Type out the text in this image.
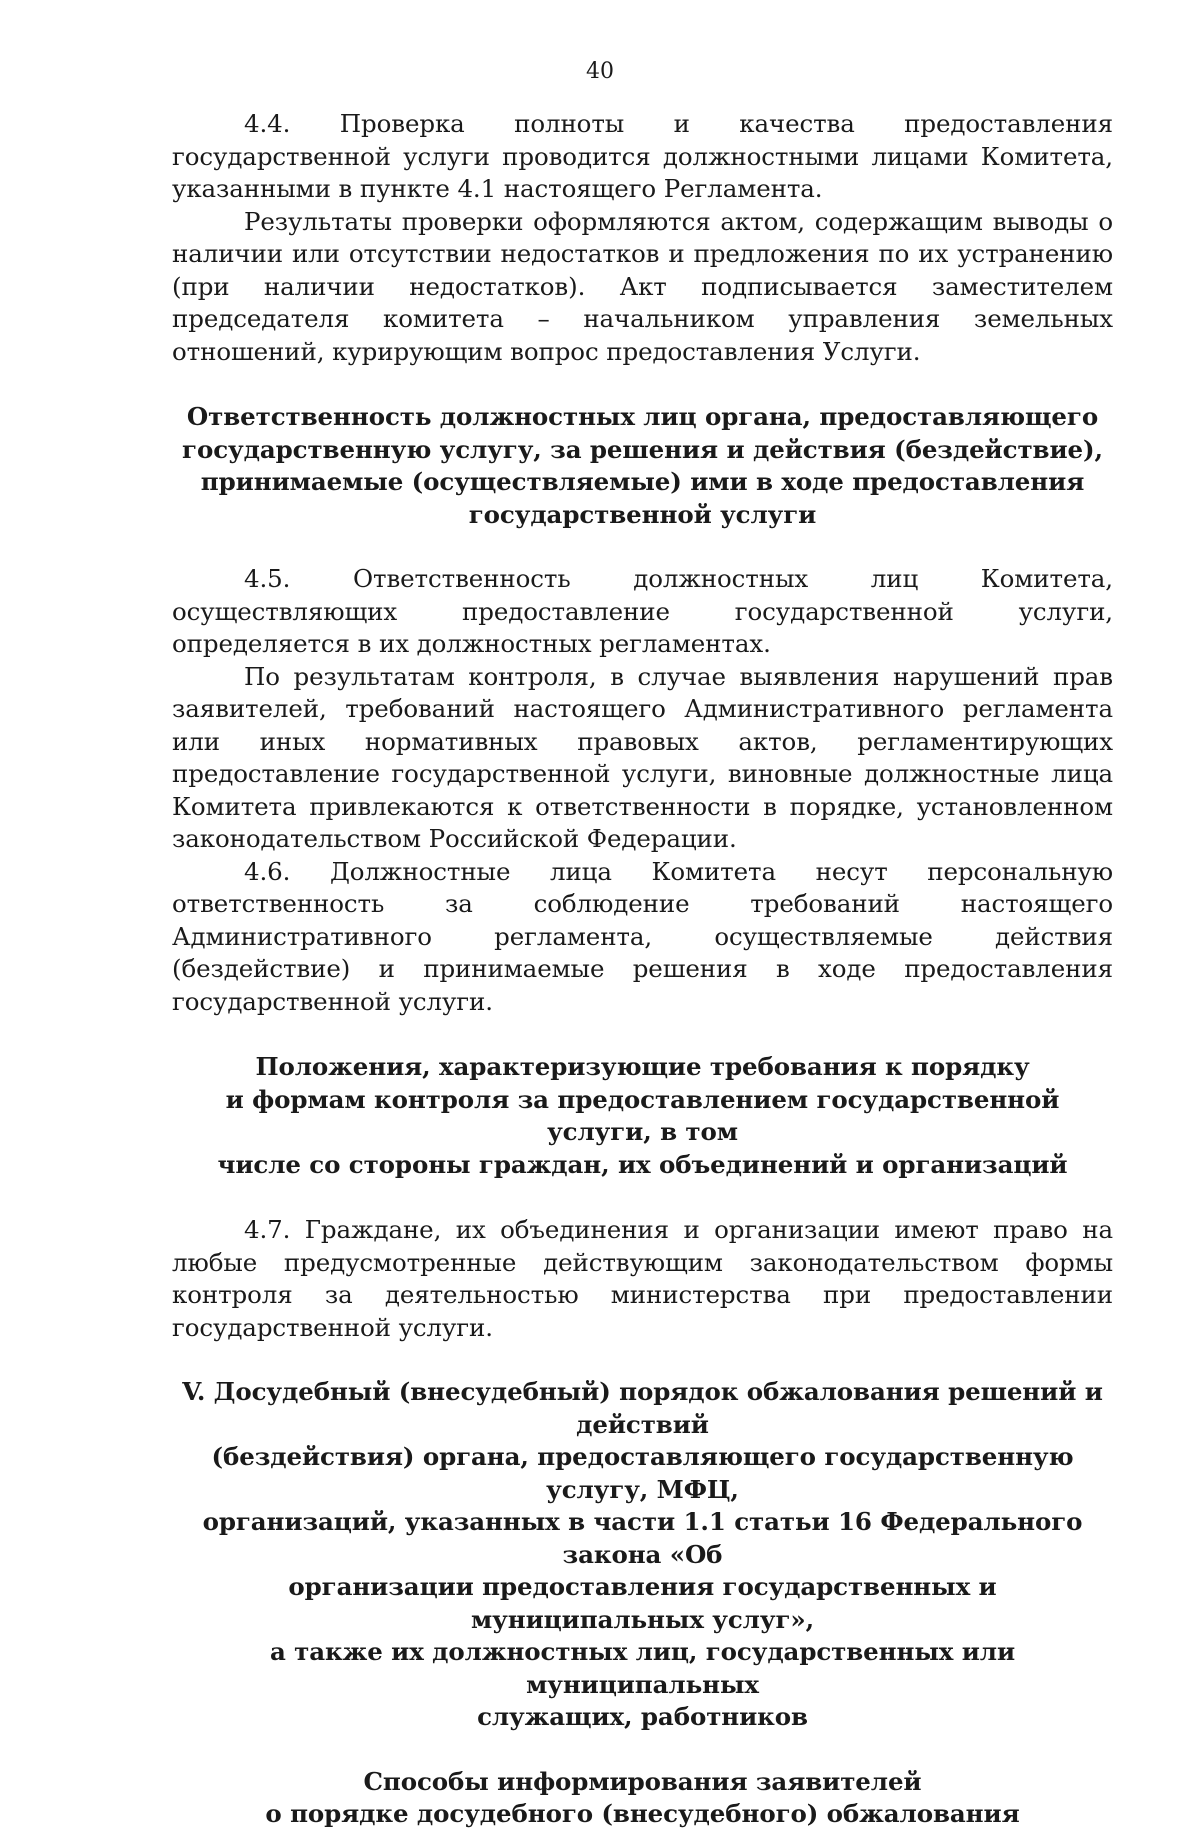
40

4.4. Проверка полноты и качества предоставления государственной услуги проводится должностными лицами Комитета, указанными в пункте 4.1 настоящего Регламента.

Результаты проверки оформляются актом, содержащим выводы о наличии или отсутствии недостатков и предложения по их устранению (при наличии недостатков). Акт подписывается заместителем председателя комитета – начальником управления земельных отношений, курирующим вопрос предоставления Услуги.

Ответственность должностных лиц органа, предоставляющего
государственную услугу, за решения и действия (бездействие),
принимаемые (осуществляемые) ими в ходе предоставления
государственной услуги

4.5. Ответственность должностных лиц Комитета, осуществляющих предоставление государственной услуги, определяется в их должностных регламентах.

По результатам контроля, в случае выявления нарушений прав заявителей, требований настоящего Административного регламента или иных нормативных правовых актов, регламентирующих предоставление государственной услуги, виновные должностные лица Комитета привлекаются к ответственности в порядке, установленном законодательством Российской Федерации.

4.6. Должностные лица Комитета несут персональную ответственность за соблюдение требований настоящего Административного регламента, осуществляемые действия (бездействие) и принимаемые решения в ходе предоставления государственной услуги.

Положения, характеризующие требования к порядку
и формам контроля за предоставлением государственной услуги, в том
числе со стороны граждан, их объединений и организаций

4.7. Граждане, их объединения и организации имеют право на любые предусмотренные действующим законодательством формы контроля за деятельностью министерства при предоставлении государственной услуги.

V. Досудебный (внесудебный) порядок обжалования решений и действий
(бездействия) органа, предоставляющего государственную услугу, МФЦ,
организаций, указанных в части 1.1 статьи 16 Федерального закона «Об
организации предоставления государственных и муниципальных услуг»,
а также их должностных лиц, государственных или муниципальных
служащих, работников
Способы информирования заявителей
о порядке досудебного (внесудебного) обжалования
